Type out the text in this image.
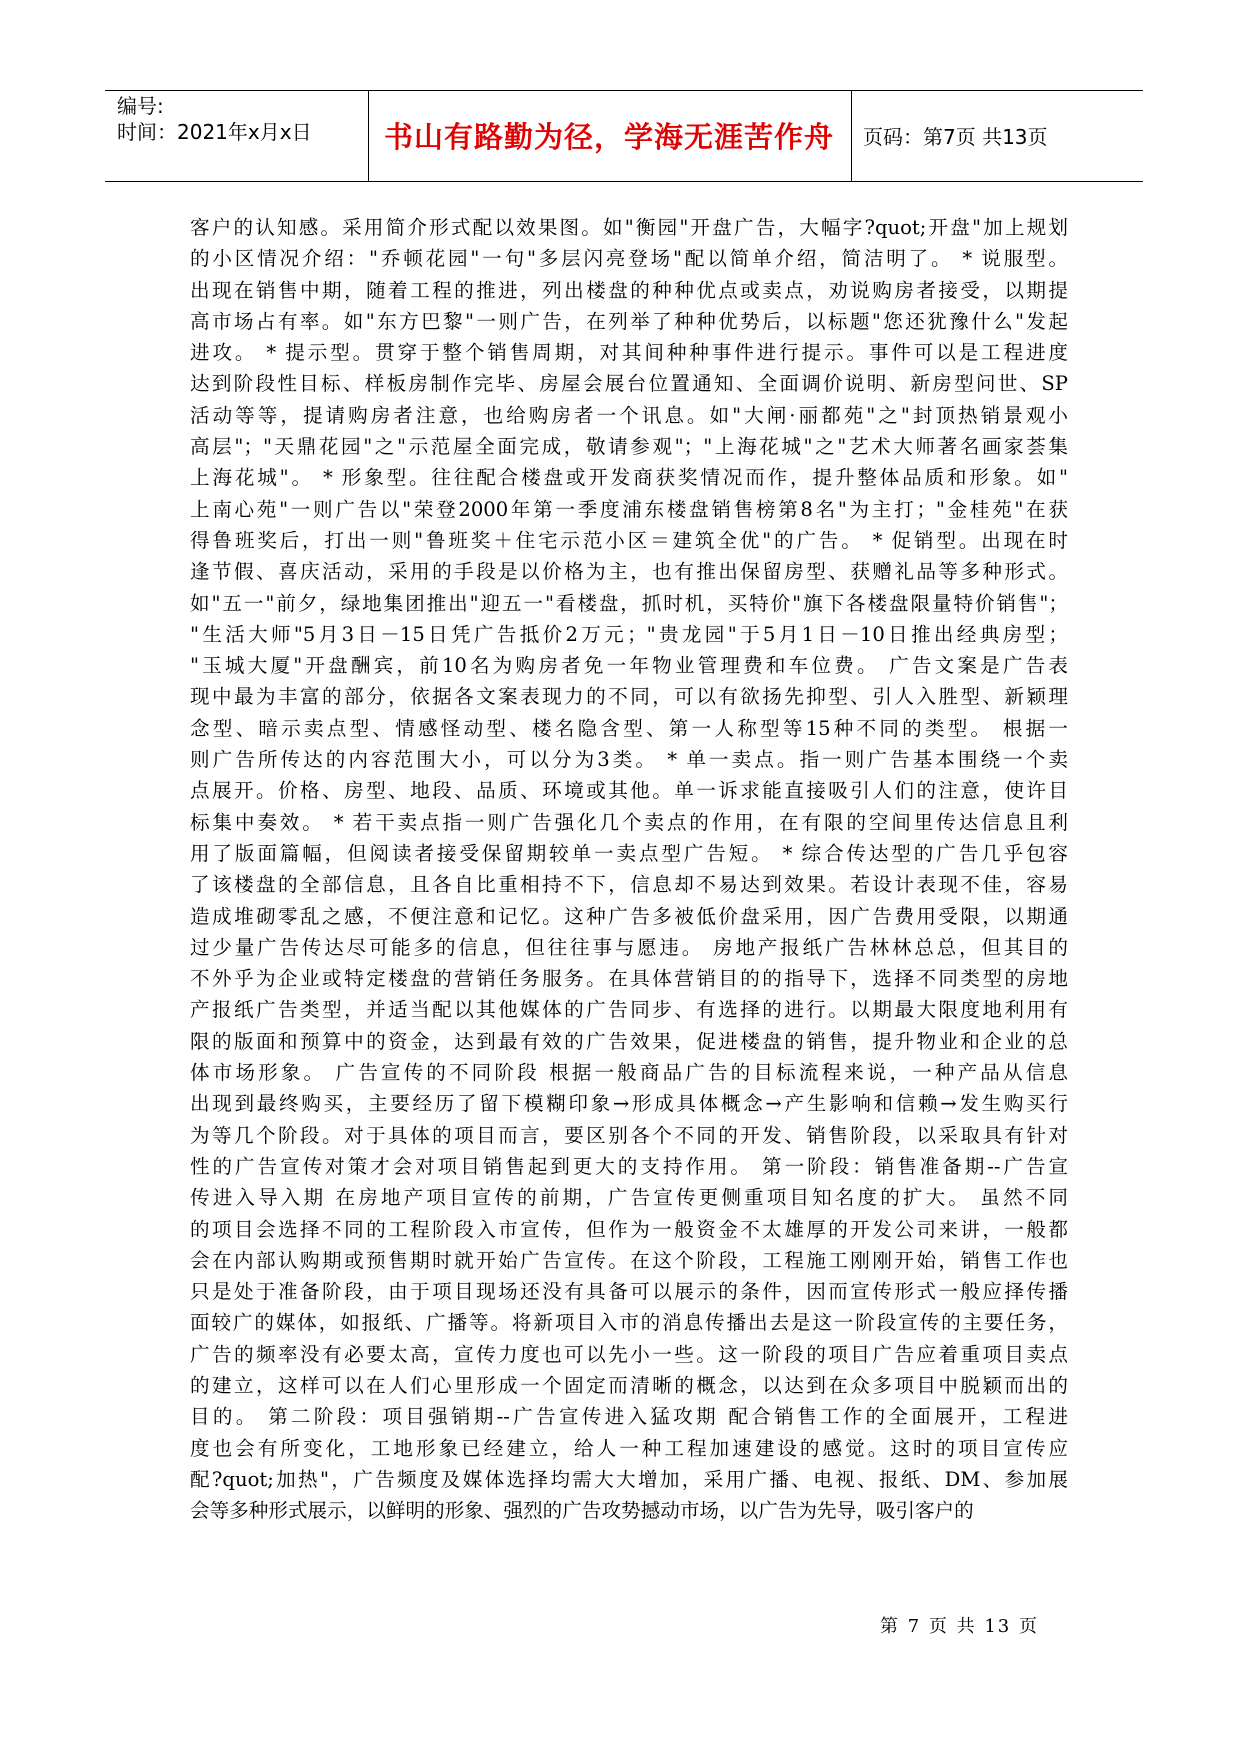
编号:
时间：2021年x月x日	书山有路勤为径，学海无涯苦作舟	页码：第7页 共13页
客户的认知感。采用简介形式配以效果图。如"衡园"开盘广告，大幅字?quot;开盘"加上规划
的小区情况介绍："乔顿花园"一句"多层闪亮登场"配以简单介绍，简洁明了。 * 说服型。
出现在销售中期，随着工程的推进，列出楼盘的种种优点或卖点，劝说购房者接受，以期提
高市场占有率。如"东方巴黎"一则广告，在列举了种种优势后，以标题"您还犹豫什么"发起
进攻。 * 提示型。贯穿于整个销售周期，对其间种种事件进行提示。事件可以是工程进度
达到阶段性目标、样板房制作完毕、房屋会展台位置通知、全面调价说明、新房型问世、SP
活动等等，提请购房者注意，也给购房者一个讯息。如"大闸·丽都苑"之"封顶热销景观小
高层"；"天鼎花园"之"示范屋全面完成，敬请参观"；"上海花城"之"艺术大师著名画家荟集
上海花城"。 * 形象型。往往配合楼盘或开发商获奖情况而作，提升整体品质和形象。如"
上南心苑"一则广告以"荣登2000年第一季度浦东楼盘销售榜第8名"为主打；"金桂苑"在获
得鲁班奖后，打出一则"鲁班奖＋住宅示范小区＝建筑全优"的广告。 * 促销型。出现在时
逢节假、喜庆活动，采用的手段是以价格为主，也有推出保留房型、获赠礼品等多种形式。
如"五一"前夕，绿地集团推出"迎五一"看楼盘，抓时机，买特价"旗下各楼盘限量特价销售"；
"生活大师"5月3日－15日凭广告抵价2万元；"贵龙园"于5月1日－10日推出经典房型；
"玉城大厦"开盘酬宾，前10名为购房者免一年物业管理费和车位费。 广告文案是广告表
现中最为丰富的部分，依据各文案表现力的不同，可以有欲扬先抑型、引人入胜型、新颖理
念型、暗示卖点型、情感怪动型、楼名隐含型、第一人称型等15种不同的类型。 根据一
则广告所传达的内容范围大小，可以分为3类。 * 单一卖点。指一则广告基本围绕一个卖
点展开。价格、房型、地段、品质、环境或其他。单一诉求能直接吸引人们的注意，使许目
标集中奏效。 * 若干卖点指一则广告强化几个卖点的作用，在有限的空间里传达信息且利
用了版面篇幅，但阅读者接受保留期较单一卖点型广告短。 * 综合传达型的广告几乎包容
了该楼盘的全部信息，且各自比重相持不下，信息却不易达到效果。若设计表现不佳，容易
造成堆砌零乱之感，不便注意和记忆。这种广告多被低价盘采用，因广告费用受限，以期通
过少量广告传达尽可能多的信息，但往往事与愿违。 房地产报纸广告林林总总，但其目的
不外乎为企业或特定楼盘的营销任务服务。在具体营销目的的指导下，选择不同类型的房地
产报纸广告类型，并适当配以其他媒体的广告同步、有选择的进行。以期最大限度地利用有
限的版面和预算中的资金，达到最有效的广告效果，促进楼盘的销售，提升物业和企业的总
体市场形象。 广告宣传的不同阶段 根据一般商品广告的目标流程来说，一种产品从信息
出现到最终购买，主要经历了留下模糊印象→形成具体概念→产生影响和信赖→发生购买行
为等几个阶段。对于具体的项目而言，要区别各个不同的开发、销售阶段，以采取具有针对
性的广告宣传对策才会对项目销售起到更大的支持作用。 第一阶段：销售准备期--广告宣
传进入导入期 在房地产项目宣传的前期，广告宣传更侧重项目知名度的扩大。 虽然不同
的项目会选择不同的工程阶段入市宣传，但作为一般资金不太雄厚的开发公司来讲，一般都
会在内部认购期或预售期时就开始广告宣传。在这个阶段，工程施工刚刚开始，销售工作也
只是处于准备阶段，由于项目现场还没有具备可以展示的条件，因而宣传形式一般应择传播
面较广的媒体，如报纸、广播等。将新项目入市的消息传播出去是这一阶段宣传的主要任务，
广告的频率没有必要太高，宣传力度也可以先小一些。这一阶段的项目广告应着重项目卖点
的建立，这样可以在人们心里形成一个固定而清晰的概念，以达到在众多项目中脱颖而出的
目的。 第二阶段：项目强销期--广告宣传进入猛攻期 配合销售工作的全面展开，工程进
度也会有所变化，工地形象已经建立，给人一种工程加速建设的感觉。这时的项目宣传应
配?quot;加热"，广告频度及媒体选择均需大大增加，采用广播、电视、报纸、DM、参加展
会等多种形式展示，以鲜明的形象、强烈的广告攻势撼动市场，以广告为先导，吸引客户的
第 7 页 共 13 页
